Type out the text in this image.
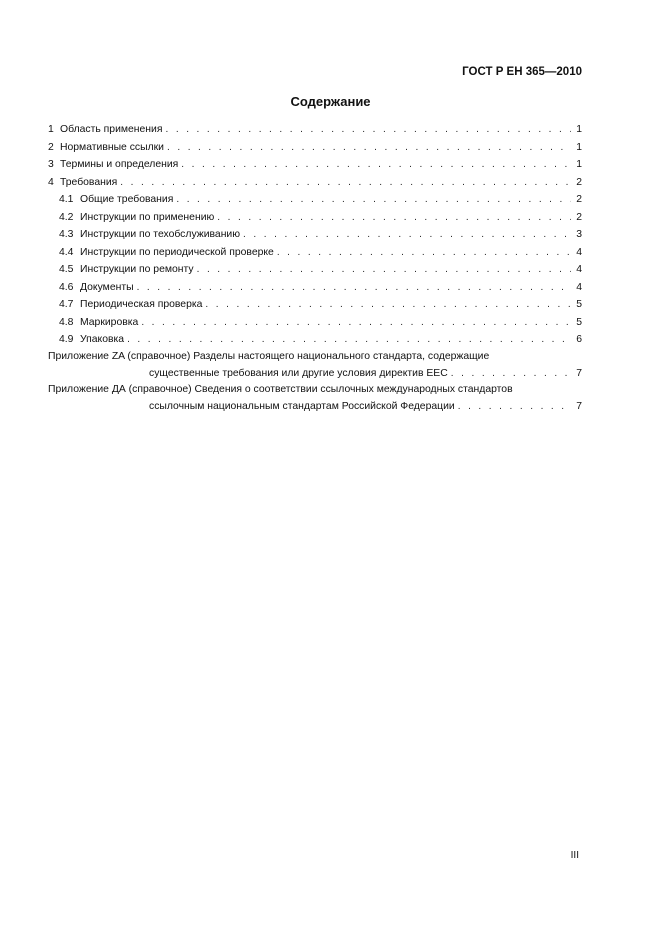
ГОСТ Р ЕН 365—2010
Содержание
1 Область применения . . .	1
2 Нормативные ссылки . . .	1
3 Термины и определения . . .	1
4 Требования . . .	2
4.1 Общие требования . . .	2
4.2 Инструкции по применению . . .	2
4.3 Инструкции по техобслуживанию . . .	3
4.4 Инструкции по периодической проверке . . .	4
4.5 Инструкции по ремонту . . .	4
4.6 Документы . . .	4
4.7 Периодическая проверка . . .	5
4.8 Маркировка . . .	5
4.9 Упаковка . . .	6
Приложение ZA (справочное) Разделы настоящего национального стандарта, содержащие
существенные требования или другие условия директив EEC . . .	7
Приложение ДА (справочное) Сведения о соответствии ссылочных международных стандартов
ссылочным национальным стандартам Российской Федерации . . .	7
III
